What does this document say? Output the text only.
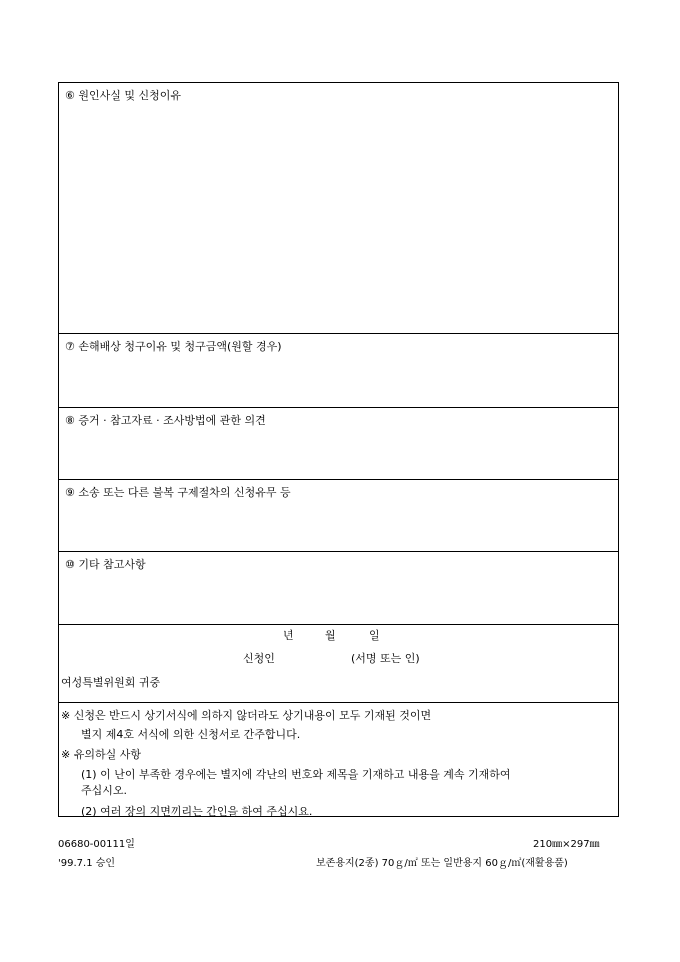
⑥ 원인사실 및 신청이유
⑦ 손해배상 청구이유 및 청구금액(원할 경우)
⑧ 증거 · 참고자료 · 조사방법에 관한 의견
⑨ 소송 또는 다른 불복 구제절차의 신청유무 등
⑩ 기타 참고사항
년	월	일
신청인	(서명 또는 인)
여성특별위원회 귀중
※ 신청은 반드시 상기서식에 의하지 않더라도 상기내용이 모두 기재된 것이면
별지 제4호 서식에 의한 신청서로 간주합니다.
※ 유의하실 사항
(1) 이 난이 부족한 경우에는 별지에 각난의 번호와 제목을 기재하고 내용을 계속 기재하여
주십시오.
(2) 여러 장의 지면끼리는 간인을 하여 주십시요.
06680-00111일	210㎜×297㎜
'99.7.1 승인	보존용지(2종) 70ｇ/㎡ 또는 일반용지 60ｇ/㎡(재활용품)
